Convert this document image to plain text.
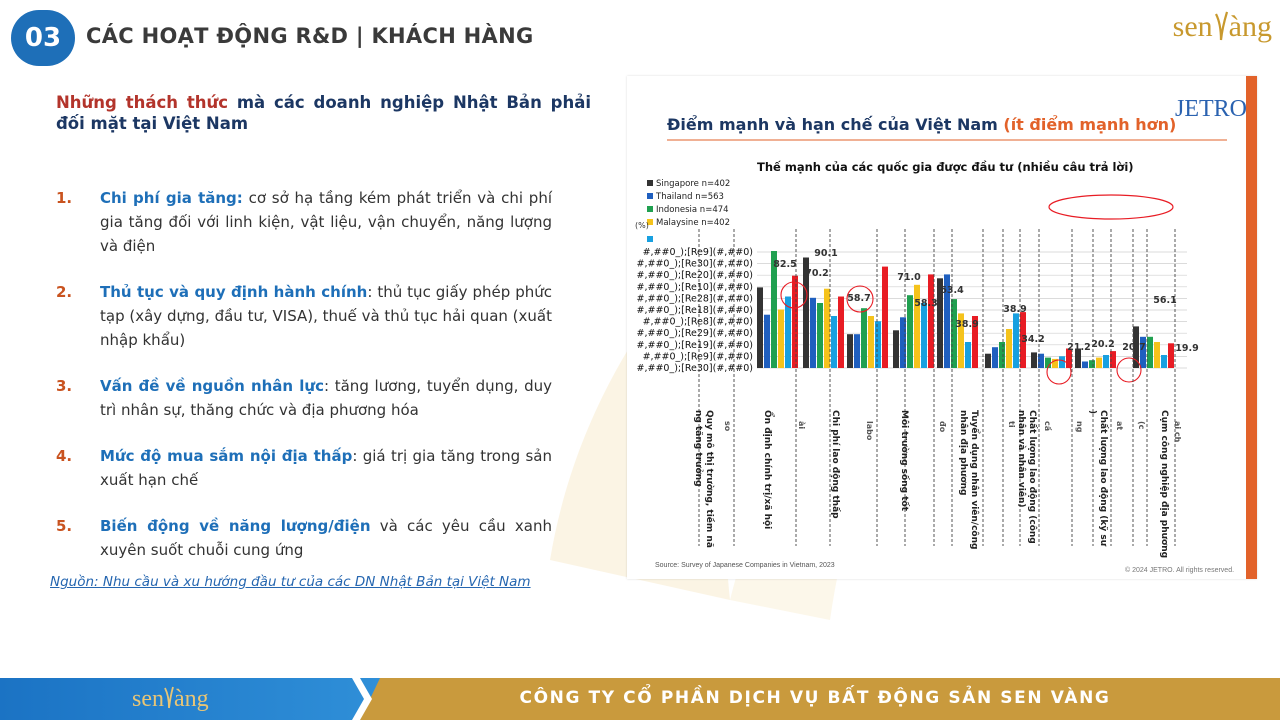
03	CÁC HOẠT ĐỘNG R&D | KHÁCH HÀNG	sen àng
Những thách thức mà các doanh nghiệp Nhật Bản phải đối mặt tại Việt Nam
1. Chi phí gia tăng: cơ sở hạ tầng kém phát triển và chi phí gia tăng đối với linh kiện, vật liệu, vận chuyển, năng lượng và điện
2. Thủ tục và quy định hành chính: thủ tục giấy phép phức tạp (xây dựng, đầu tư, VISA), thuế và thủ tục hải quan (xuất nhập khẩu)
3. Vấn đề về nguồn nhân lực: tăng lương, tuyển dụng, duy trì nhân sự, thăng chức và địa phương hóa
4. Mức độ mua sắm nội địa thấp: giá trị gia tăng trong sản xuất hạn chế
5. Biến động về năng lượng/điện và các yêu cầu xanh xuyên suốt chuỗi cung ứng
Nguồn: Nhu cầu và xu hướng đầu tư của các DN Nhật Bản tại Việt Nam
Điểm mạnh và hạn chế của Việt Nam (ít điểm mạnh hơn)
JETRO
Thế mạnh của các quốc gia được đầu tư (nhiều câu trả lời)
Singapore n=402
Thailand n=563
Indonesia n=474
Malaysine n=402
(%)
#,##0_);[Re9](#,##0)
#,##0_);[Re30](#,##0)
#,##0_);[Re20](#,##0)
#,##0_);[Re10](#,##0)
#,##0_);[Re28](#,##0)
#,##0_);[Re18](#,##0)
#,##0_);[Re8](#,##0)
#,##0_);[Re29](#,##0)
#,##0_);[Re19](#,##0)
#,##0_);[Re9](#,##0)
#,##0_);[Re30](#,##0)
82.5
70.2
90.1
58.7
71.0
58.3
63.4
38.9
38.9
34.2
21.2 20.2 20.7
56.1
19.9
Quy mô thị trường, tiềm nă
ng tăng trưởng	Ổn định chính trị/xã hội	Chi phí lao động thấp	Môi trường sống tốt	Tuyển dụng nhân viên/công
nhân địa phương	Chất lượng lao động (công
nhân và nhân viên)	Chất lượng lao động (kỹ sư
)	Cụm công nghiệp địa phương
so	ài	labo	đo	ti	cầ	ng	at (c	ai ch
Source: Survey of Japanese Companies in Vietnam, 2023
© 2024 JETRO. All rights reserved.
sen àng	CÔNG TY CỔ PHẦN DỊCH VỤ BẤT ĐỘNG SẢN SEN VÀNG
